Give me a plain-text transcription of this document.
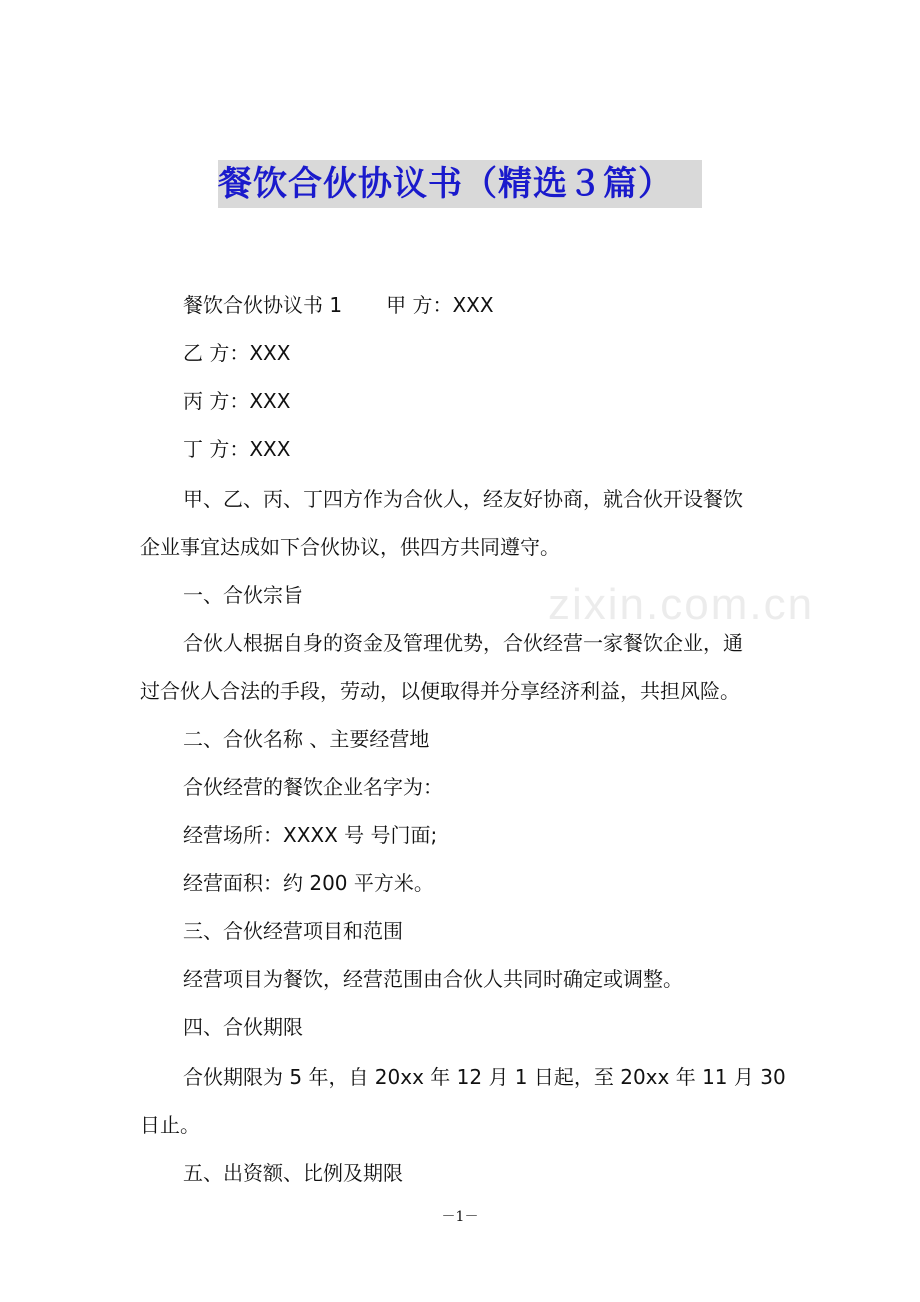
餐饮合伙协议书（精选３篇）
zixin.com.cn
餐饮合伙协议书 1 甲 方：XXX
乙 方：XXX
丙 方：XXX
丁 方：XXX
甲、乙、丙、丁四方作为合伙人，经友好协商，就合伙开设餐饮
企业事宜达成如下合伙协议，供四方共同遵守。
一、合伙宗旨
合伙人根据自身的资金及管理优势，合伙经营一家餐饮企业，通
过合伙人合法的手段，劳动，以便取得并分享经济利益，共担风险。
二、合伙名称 、主要经营地
合伙经营的餐饮企业名字为：
经营场所：XXXX 号 号门面;
经营面积：约 200 平方米。
三、合伙经营项目和范围
经营项目为餐饮，经营范围由合伙人共同时确定或调整。
四、合伙期限
合伙期限为 5 年，自 20xx 年 12 月 1 日起，至 20xx 年 11 月 30
日止。
五、出资额、比例及期限
－1－
